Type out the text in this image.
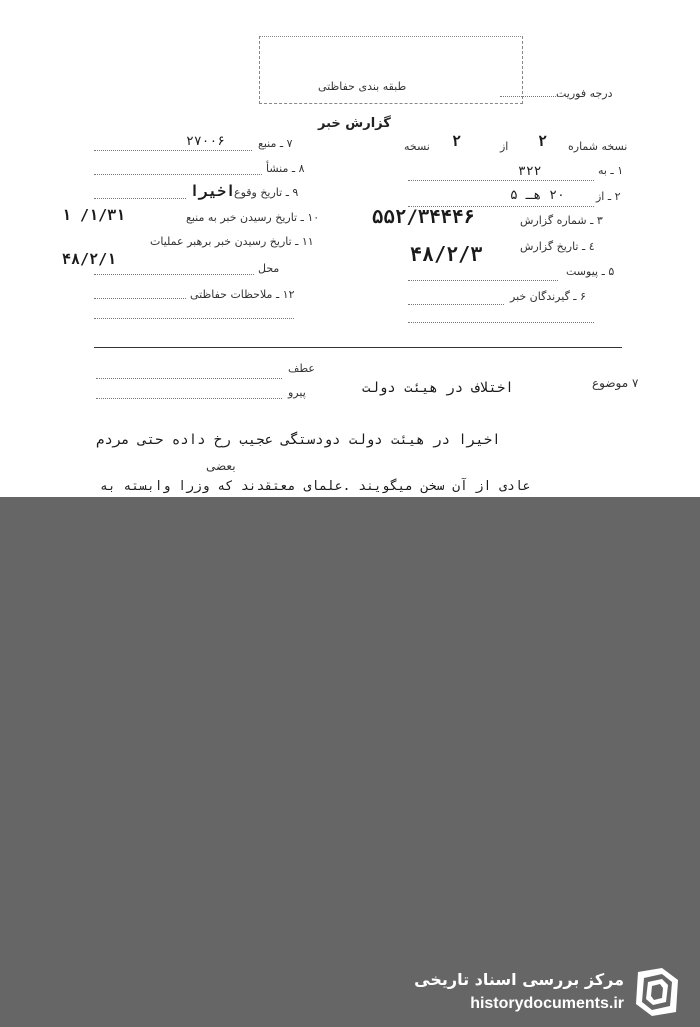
طبقه بندی حفاظتی
درجه فوریت
گزارش خبر
نسخه شماره
۲
از
۲
نسخه
۱ ـ به
۳۲۲
۲ ـ از
۲۰ هـ ۵
۳ ـ شماره گزارش
۵۵۲/۳۴۴۴۶
٤ ـ تاریخ گزارش
۴۸/۲/۳
۵ ـ پیوست
۶ ـ گیرندگان خبر
۷ ـ منبع
۲۷۰۰۶
۸ ـ منشأ
۹ ـ تاریخ وقوع
اخیرا
۱۰ ـ تاریخ رسیدن خبر به منبع
۱/۳۱/ ۱
۱۱ ـ تاریخ رسیدن خبر برهبر عملیات
۴۸/۲/۱
محل
۱۲ ـ ملاحظات حفاظتی
عطف
پیرو
۷ موضوع
اختلاف در هیئت دولت
اخیرا در هیئت دولت دودستگی عجیب رخ داده حتی مردم
بعضی
عادی از آن سخن میگویند .علمای معتقدند که وزرا وابسته به
مرکز بررسی اسناد تاریخی
historydocuments.ir
